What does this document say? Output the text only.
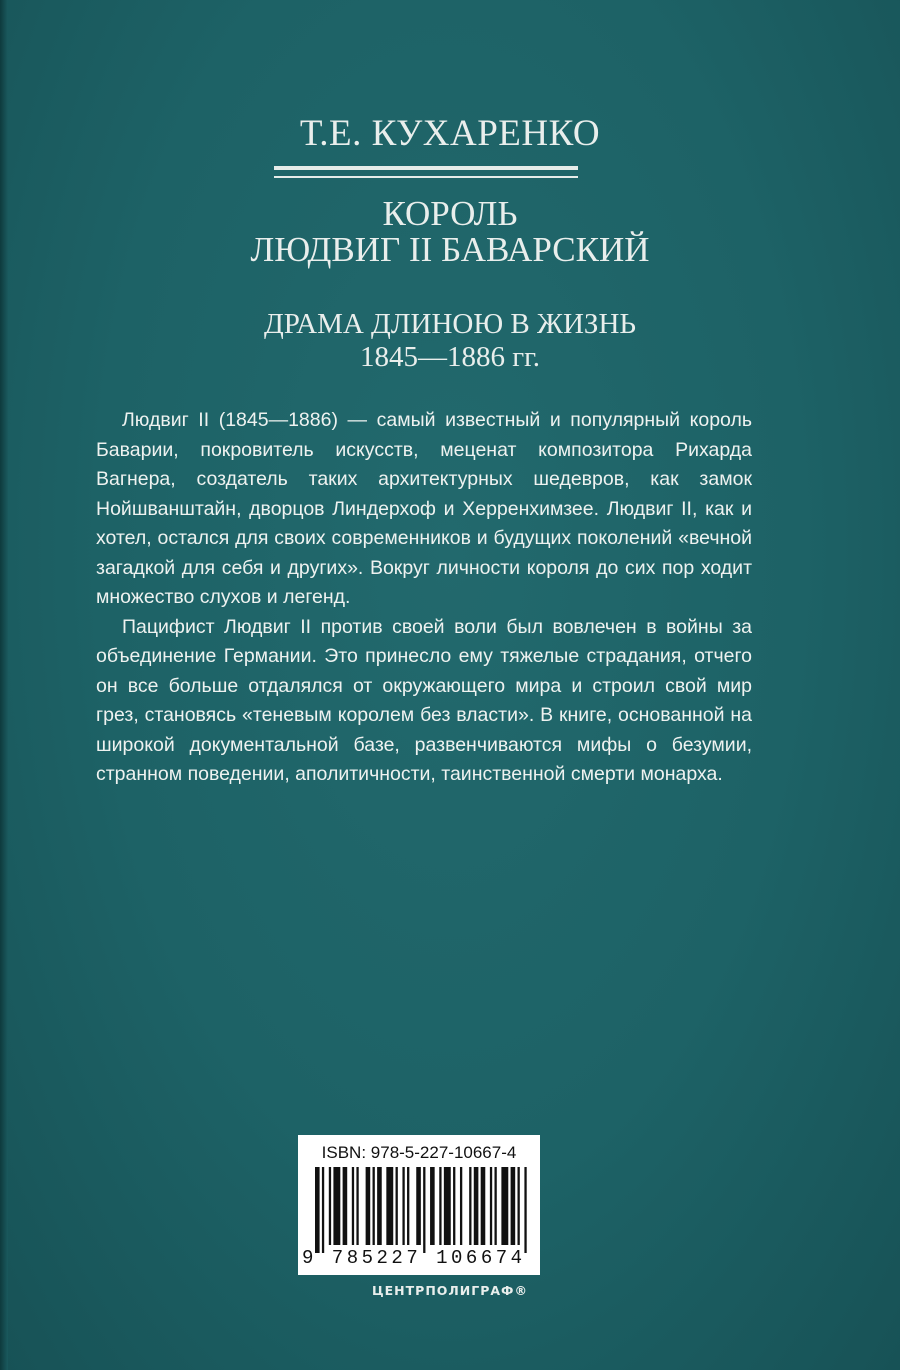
Т.Е. КУХАРЕНКО
КОРОЛЬ
ЛЮДВИГ II БАВАРСКИЙ
ДРАМА ДЛИНОЮ В ЖИЗНЬ
1845—1886 гг.

Людвиг II (1845—1886) — самый известный и популярный король Баварии, покровитель искусств, меценат композитора Рихарда Вагнера, создатель таких архитектурных шедевров, как замок Нойшванштайн, дворцов Линдерхоф и Херренхимзее. Людвиг II, как и хотел, остался для своих современников и будущих поколений «вечной загадкой для себя и других». Вокруг личности короля до сих пор ходит множество слухов и легенд.

Пацифист Людвиг II против своей воли был вовлечен в войны за объединение Германии. Это принесло ему тяжелые страдания, отчего он все больше отдалялся от окружающего мира и строил свой мир грез, становясь «теневым королем без власти». В книге, основанной на широкой документальной базе, развенчиваются мифы о безумии, странном поведении, аполитичности, таинственной смерти монарха.

ISBN: 978-5-227-10667-4
9 785227 106674
ЦЕНТРПОЛИГРАФ®
